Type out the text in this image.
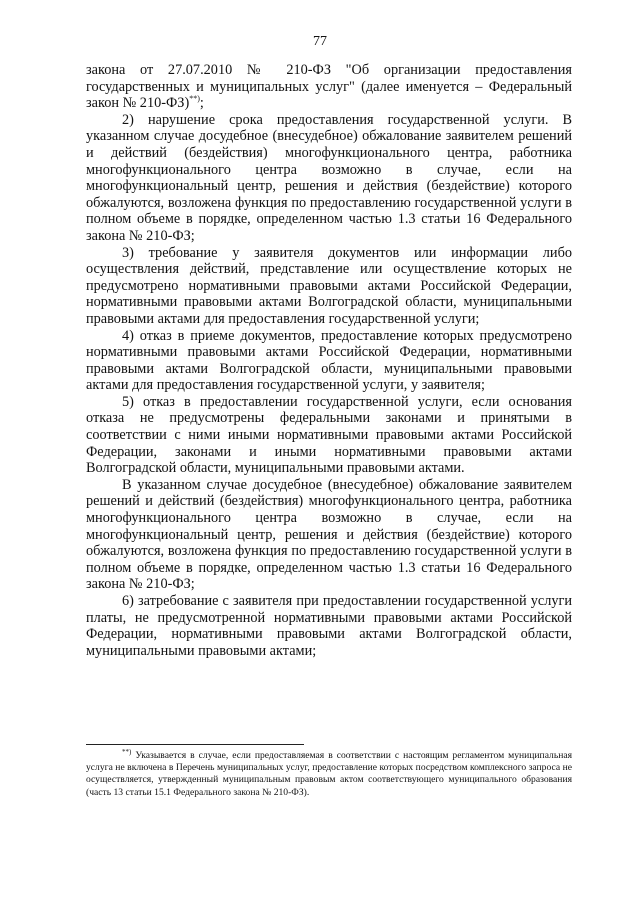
77

закона от 27.07.2010 № 210-ФЗ "Об организации предоставления государственных и муниципальных услуг" (далее именуется – Федеральный закон № 210-ФЗ)**);

2) нарушение срока предоставления государственной услуги. В указанном случае досудебное (внесудебное) обжалование заявителем решений и действий (бездействия) многофункционального центра, работника многофункционального центра возможно в случае, если на многофункциональный центр, решения и действия (бездействие) которого обжалуются, возложена функция по предоставлению государственной услуги в полном объеме в порядке, определенном частью 1.3 статьи 16 Федерального закона № 210-ФЗ;

3) требование у заявителя документов или информации либо осуществления действий, представление или осуществление которых не предусмотрено нормативными правовыми актами Российской Федерации, нормативными правовыми актами Волгоградской области, муниципальными правовыми актами для предоставления государственной услуги;

4) отказ в приеме документов, предоставление которых предусмотрено нормативными правовыми актами Российской Федерации, нормативными правовыми актами Волгоградской области, муниципальными правовыми актами для предоставления государственной услуги, у заявителя;

5) отказ в предоставлении государственной услуги, если основания отказа не предусмотрены федеральными законами и принятыми в соответствии с ними иными нормативными правовыми актами Российской Федерации, законами и иными нормативными правовыми актами Волгоградской области, муниципальными правовыми актами.

В указанном случае досудебное (внесудебное) обжалование заявителем решений и действий (бездействия) многофункционального центра, работника многофункционального центра возможно в случае, если на многофункциональный центр, решения и действия (бездействие) которого обжалуются, возложена функция по предоставлению государственной услуги в полном объеме в порядке, определенном частью 1.3 статьи 16 Федерального закона № 210-ФЗ;

6) затребование с заявителя при предоставлении государственной услуги платы, не предусмотренной нормативными правовыми актами Российской Федерации, нормативными правовыми актами Волгоградской области, муниципальными правовыми актами;

**) Указывается в случае, если предоставляемая в соответствии с настоящим регламентом муниципальная услуга не включена в Перечень муниципальных услуг, предоставление которых посредством комплексного запроса не осуществляется, утвержденный муниципальным правовым актом соответствующего муниципального образования (часть 13 статьи 15.1 Федерального закона № 210-ФЗ).
